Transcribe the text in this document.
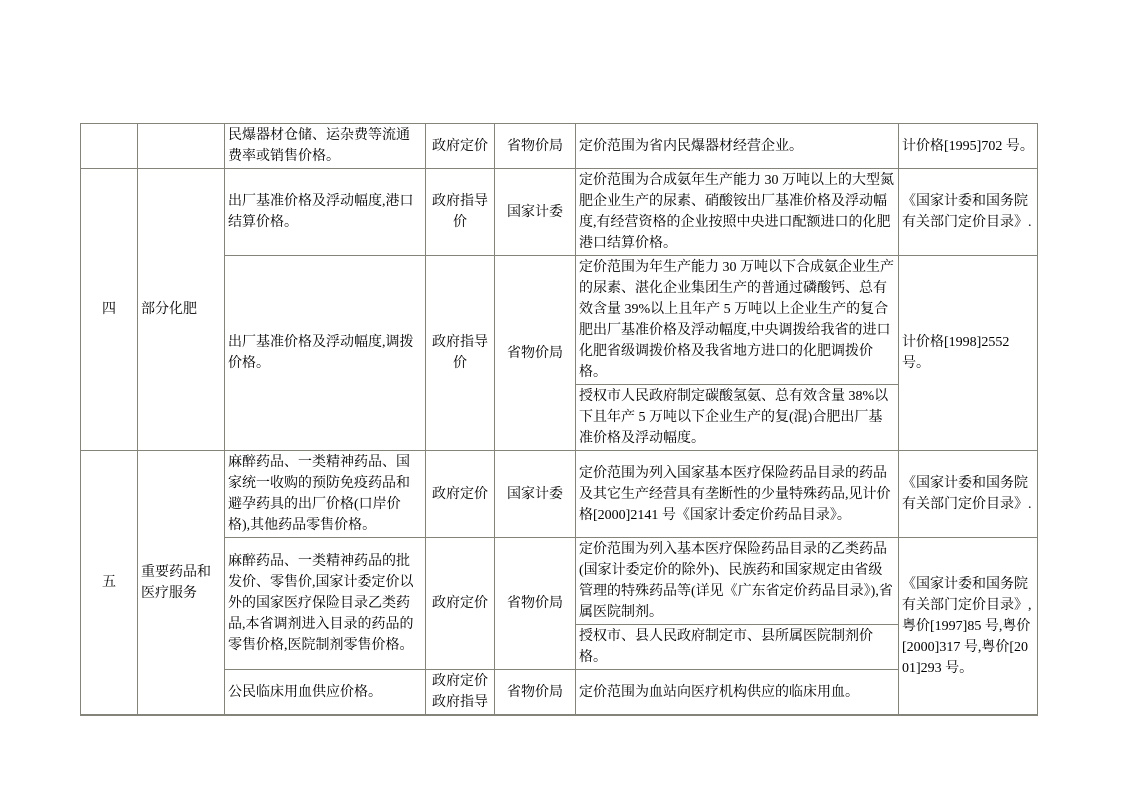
		民爆器材仓储、运杂费等流通费率或销售价格。	政府定价	省物价局	定价范围为省内民爆器材经营企业。	计价格[1995]702 号。
四	部分化肥	出厂基准价格及浮动幅度,港口结算价格。	政府指导价	国家计委	定价范围为合成氨年生产能力 30 万吨以上的大型氮肥企业生产的尿素、硝酸铵出厂基准价格及浮动幅度,有经营资格的企业按照中央进口配额进口的化肥港口结算价格。	《国家计委和国务院有关部门定价目录》.
		出厂基准价格及浮动幅度,调拨价格。	政府指导价	省物价局	定价范围为年生产能力 30 万吨以下合成氨企业生产的尿素、湛化企业集团生产的普通过磷酸钙、总有效含量 39%以上且年产 5 万吨以上企业生产的复合肥出厂基准价格及浮动幅度,中央调拨给我省的进口化肥省级调拨价格及我省地方进口的化肥调拨价格。	计价格[1998]2552 号。
					授权市人民政府制定碳酸氢氨、总有效含量 38%以下且年产 5 万吨以下企业生产的复(混)合肥出厂基准价格及浮动幅度。	
五	重要药品和医疗服务	麻醉药品、一类精神药品、国家统一收购的预防免疫药品和避孕药具的出厂价格(口岸价格),其他药品零售价格。	政府定价	国家计委	定价范围为列入国家基本医疗保险药品目录的药品及其它生产经营具有垄断性的少量特殊药品,见计价格[2000]2141 号《国家计委定价药品目录》。	《国家计委和国务院有关部门定价目录》.
		麻醉药品、一类精神药品的批发价、零售价,国家计委定价以外的国家医疗保险目录乙类药品,本省调剂进入目录的药品的零售价格,医院制剂零售价格。	政府定价	省物价局	定价范围为列入基本医疗保险药品目录的乙类药品(国家计委定价的除外)、民族药和国家规定由省级管理的特殊药品等(详见《广东省定价药品目录》),省属医院制剂。	《国家计委和国务院有关部门定价目录》,粤价[1997]85 号,粤价[2000]317 号,粤价[2001]293 号。
					授权市、县人民政府制定市、县所属医院制剂价格。	
		公民临床用血供应价格。	政府定价政府指导	省物价局	定价范围为血站向医疗机构供应的临床用血。	
